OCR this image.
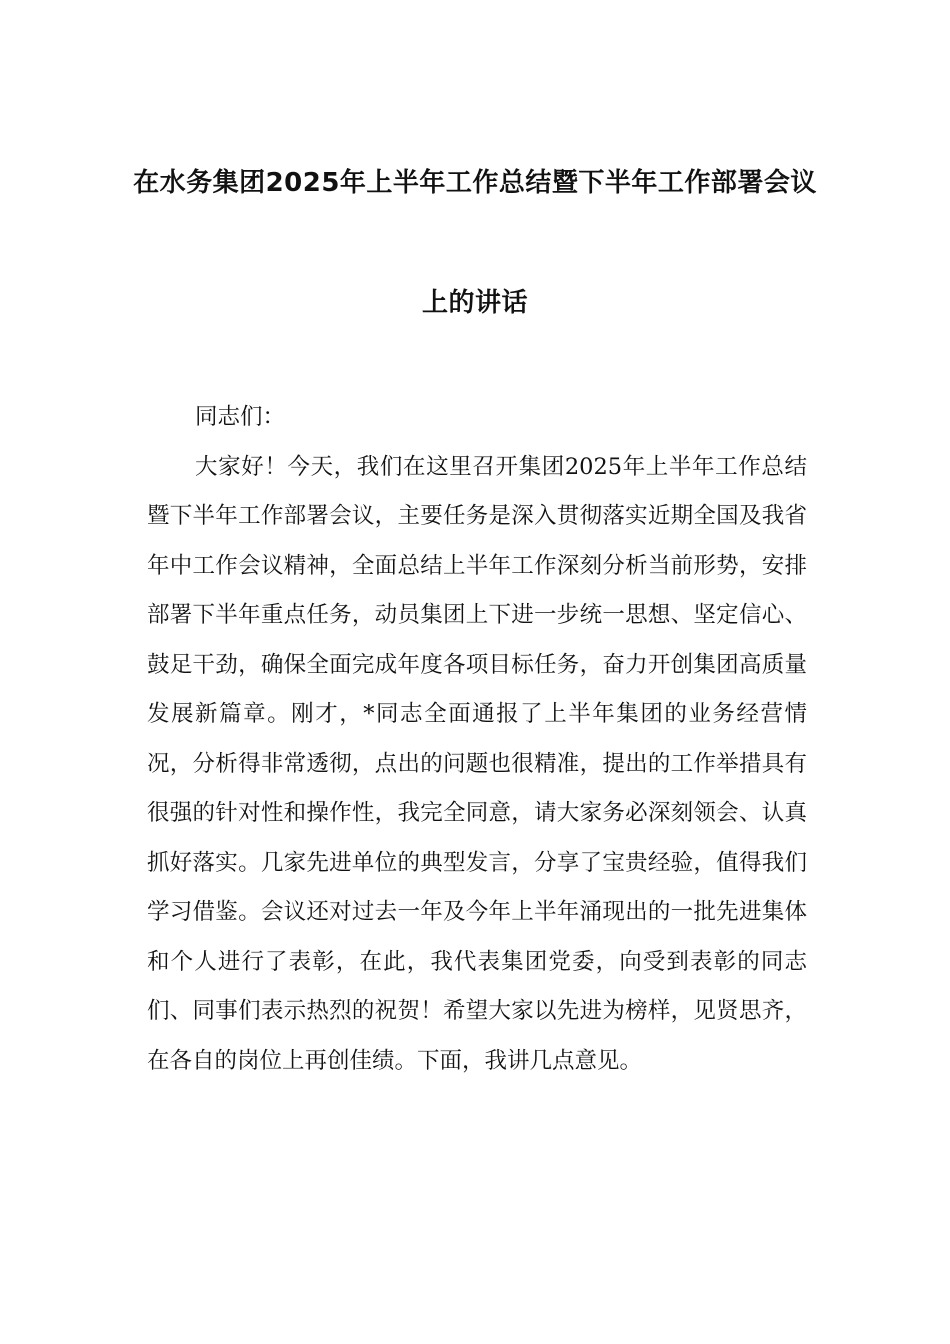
在水务集团2025年上半年工作总结暨下半年工作部署会议
上的讲话

同志们：

大家好！今天，我们在这里召开集团2025年上半年工作总结暨下半年工作部署会议，主要任务是深入贯彻落实近期全国及我省年中工作会议精神，全面总结上半年工作深刻分析当前形势，安排部署下半年重点任务，动员集团上下进一步统一思想、坚定信心、鼓足干劲，确保全面完成年度各项目标任务，奋力开创集团高质量发展新篇章。刚才，*同志全面通报了上半年集团的业务经营情况，分析得非常透彻，点出的问题也很精准，提出的工作举措具有很强的针对性和操作性，我完全同意，请大家务必深刻领会、认真抓好落实。几家先进单位的典型发言，分享了宝贵经验，值得我们学习借鉴。会议还对过去一年及今年上半年涌现出的一批先进集体和个人进行了表彰，在此，我代表集团党委，向受到表彰的同志们、同事们表示热烈的祝贺！希望大家以先进为榜样，见贤思齐，在各自的岗位上再创佳绩。下面，我讲几点意见。
